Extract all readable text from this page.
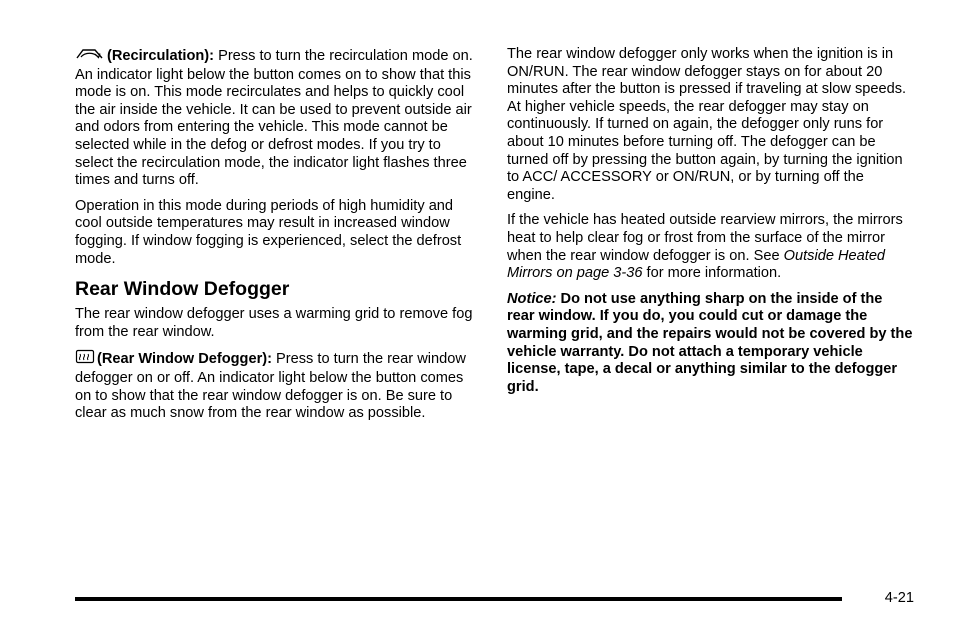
(Recirculation): Press to turn the recirculation mode on. An indicator light below the button comes on to show that this mode is on. This mode recirculates and helps to quickly cool the air inside the vehicle. It can be used to prevent outside air and odors from entering the vehicle. This mode cannot be selected while in the defog or defrost modes. If you try to select the recirculation mode, the indicator light flashes three times and turns off.

Operation in this mode during periods of high humidity and cool outside temperatures may result in increased window fogging. If window fogging is experienced, select the defrost mode.

Rear Window Defogger

The rear window defogger uses a warming grid to remove fog from the rear window.

(Rear Window Defogger): Press to turn the rear window defogger on or off. An indicator light below the button comes on to show that the rear window defogger is on. Be sure to clear as much snow from the rear window as possible.

The rear window defogger only works when the ignition is in ON/RUN. The rear window defogger stays on for about 20 minutes after the button is pressed if traveling at slow speeds. At higher vehicle speeds, the rear defogger may stay on continuously. If turned on again, the defogger only runs for about 10 minutes before turning off. The defogger can be turned off by pressing the button again, by turning the ignition to ACC/ ACCESSORY or ON/RUN, or by turning off the engine.

If the vehicle has heated outside rearview mirrors, the mirrors heat to help clear fog or frost from the surface of the mirror when the rear window defogger is on. See Outside Heated Mirrors on page 3-36 for more information.

Notice: Do not use anything sharp on the inside of the rear window. If you do, you could cut or damage the warming grid, and the repairs would not be covered by the vehicle warranty. Do not attach a temporary vehicle license, tape, a decal or anything similar to the defogger grid.

4-21
